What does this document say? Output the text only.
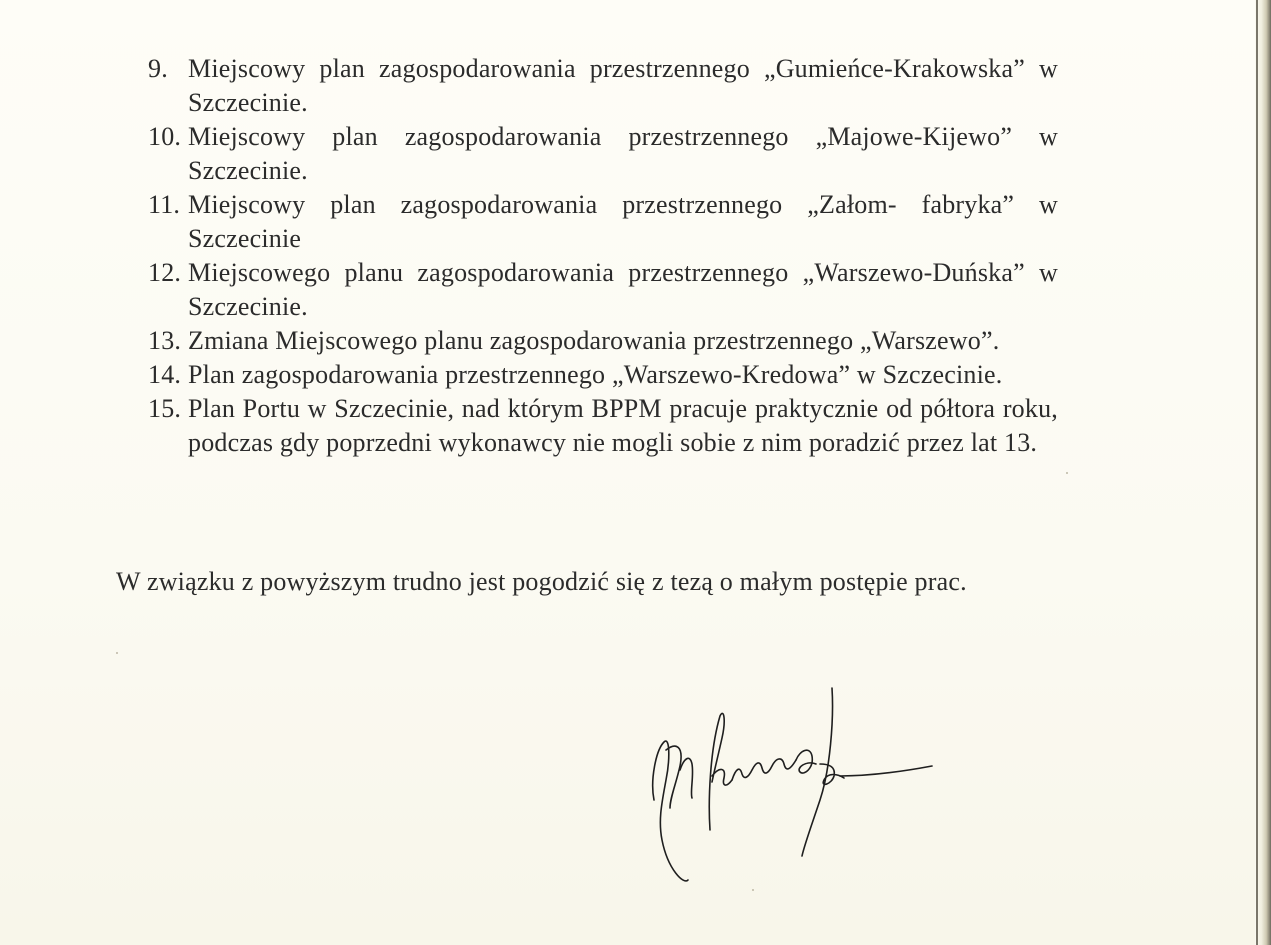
9. Miejscowy plan zagospodarowania przestrzennego „Gumieńce-Krakowska” w Szczecinie.
10. Miejscowy plan zagospodarowania przestrzennego „Majowe-Kijewo” w Szczecinie.
11. Miejscowy plan zagospodarowania przestrzennego „Załom- fabryka” w Szczecinie
12. Miejscowego planu zagospodarowania przestrzennego „Warszewo-Duńska” w Szczecinie.
13. Zmiana Miejscowego planu zagospodarowania przestrzennego „Warszewo”.
14. Plan zagospodarowania przestrzennego „Warszewo-Kredowa” w Szczecinie.
15. Plan Portu w Szczecinie, nad którym BPPM pracuje praktycznie od półtora roku, podczas gdy poprzedni wykonawcy nie mogli sobie z nim poradzić przez lat 13.
W związku z powyższym trudno jest pogodzić się z tezą o małym postępie prac.
